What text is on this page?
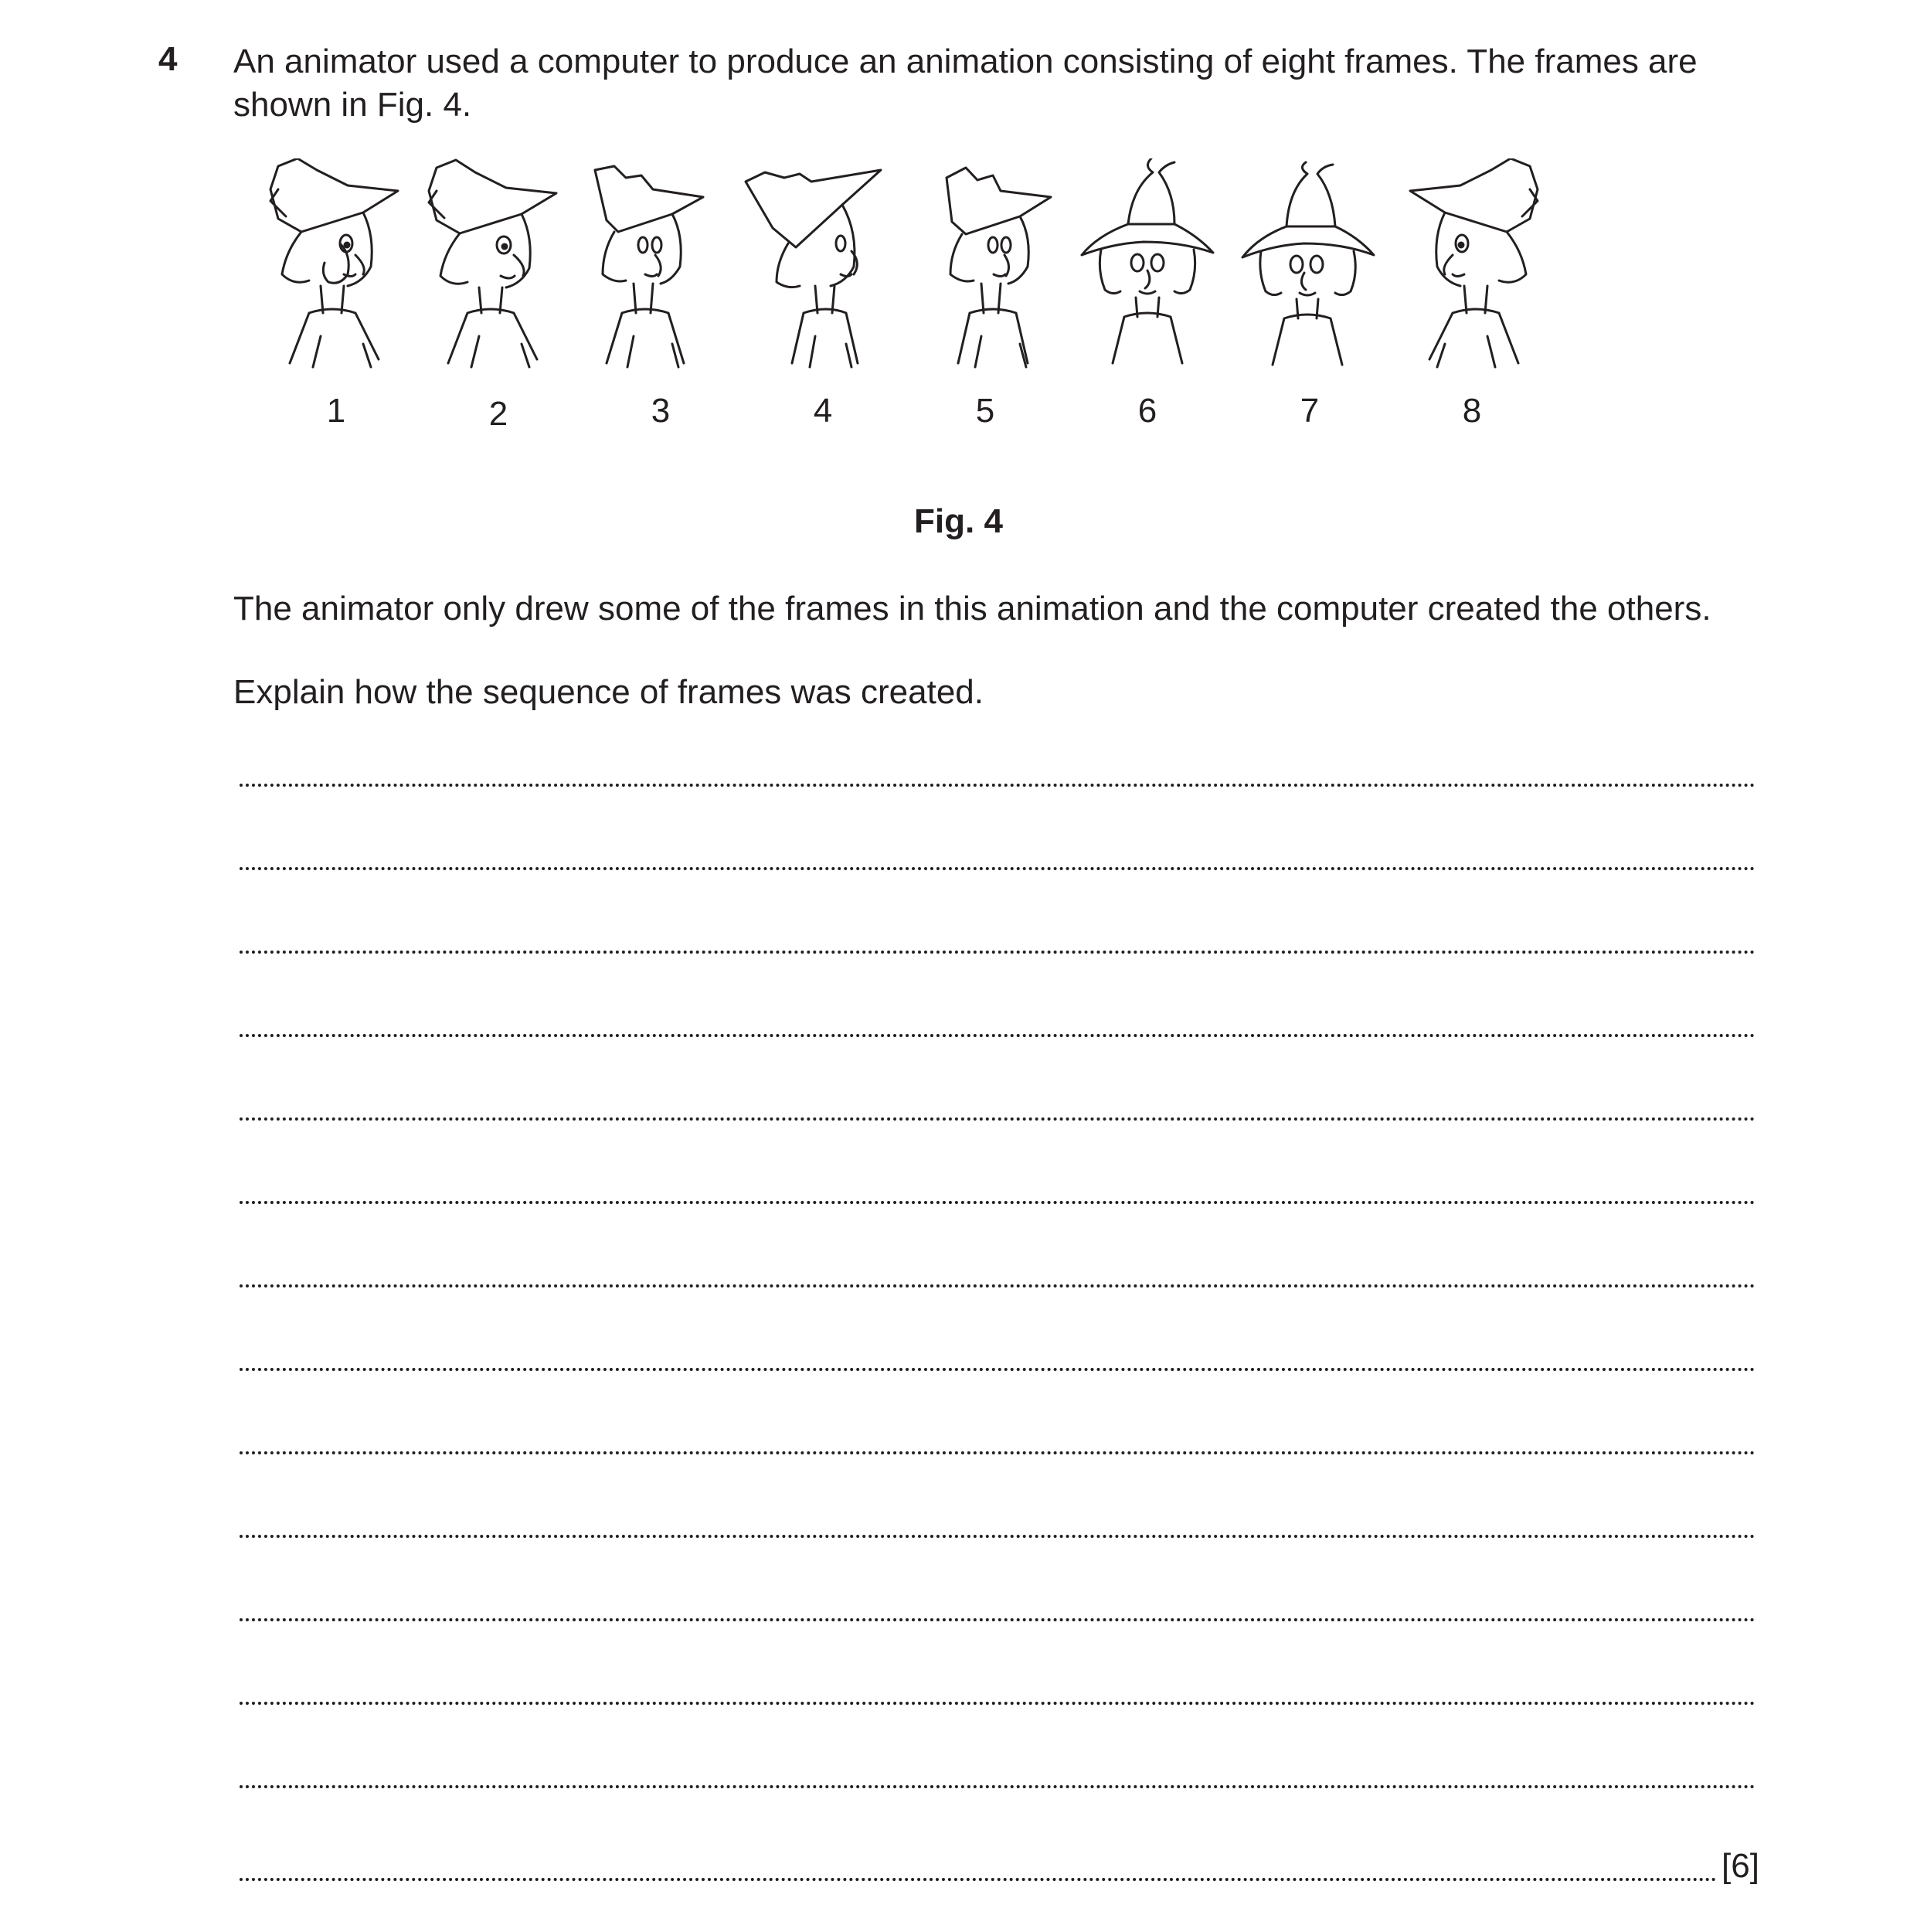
4 An animator used a computer to produce an animation consisting of eight frames. The frames are shown in Fig. 4.
1	2	3	4	5	6	7	8
Fig. 4
The animator only drew some of the frames in this animation and the computer created the others.
Explain how the sequence of frames was created.
[6]
